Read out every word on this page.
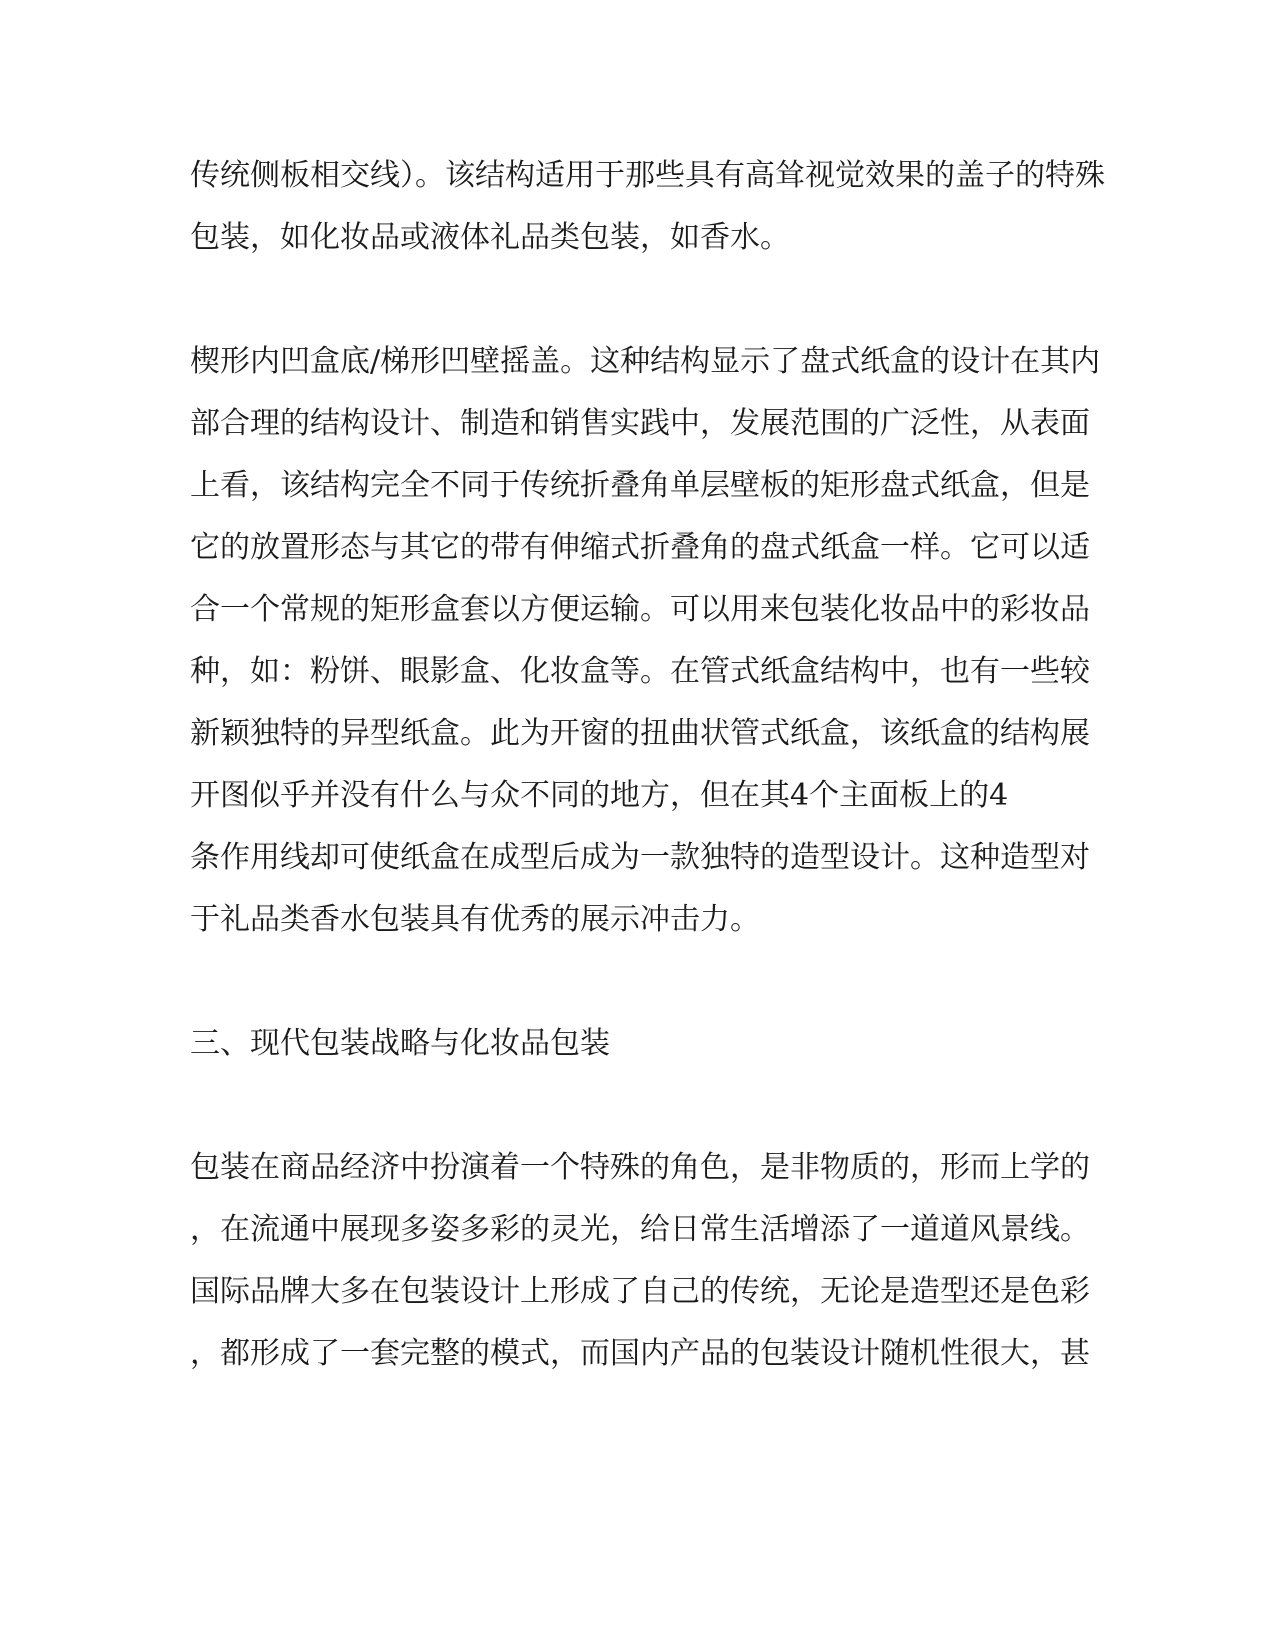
传统侧板相交线）。该结构适用于那些具有高耸视觉效果的盖子的特殊

包装，如化妆品或液体礼品类包装，如香水。

楔形内凹盒底/梯形凹壁摇盖。这种结构显示了盘式纸盒的设计在其内

部合理的结构设计、制造和销售实践中，发展范围的广泛性，从表面

上看，该结构完全不同于传统折叠角单层壁板的矩形盘式纸盒，但是

它的放置形态与其它的带有伸缩式折叠角的盘式纸盒一样。它可以适

合一个常规的矩形盒套以方便运输。可以用来包装化妆品中的彩妆品

种，如：粉饼、眼影盒、化妆盒等。在管式纸盒结构中，也有一些较

新颖独特的异型纸盒。此为开窗的扭曲状管式纸盒，该纸盒的结构展

开图似乎并没有什么与众不同的地方，但在其4个主面板上的4

条作用线却可使纸盒在成型后成为一款独特的造型设计。这种造型对

于礼品类香水包装具有优秀的展示冲击力。

三、现代包装战略与化妆品包装

包装在商品经济中扮演着一个特殊的角色，是非物质的，形而上学的

，在流通中展现多姿多彩的灵光，给日常生活增添了一道道风景线。

国际品牌大多在包装设计上形成了自己的传统，无论是造型还是色彩

，都形成了一套完整的模式，而国内产品的包装设计随机性很大，甚
